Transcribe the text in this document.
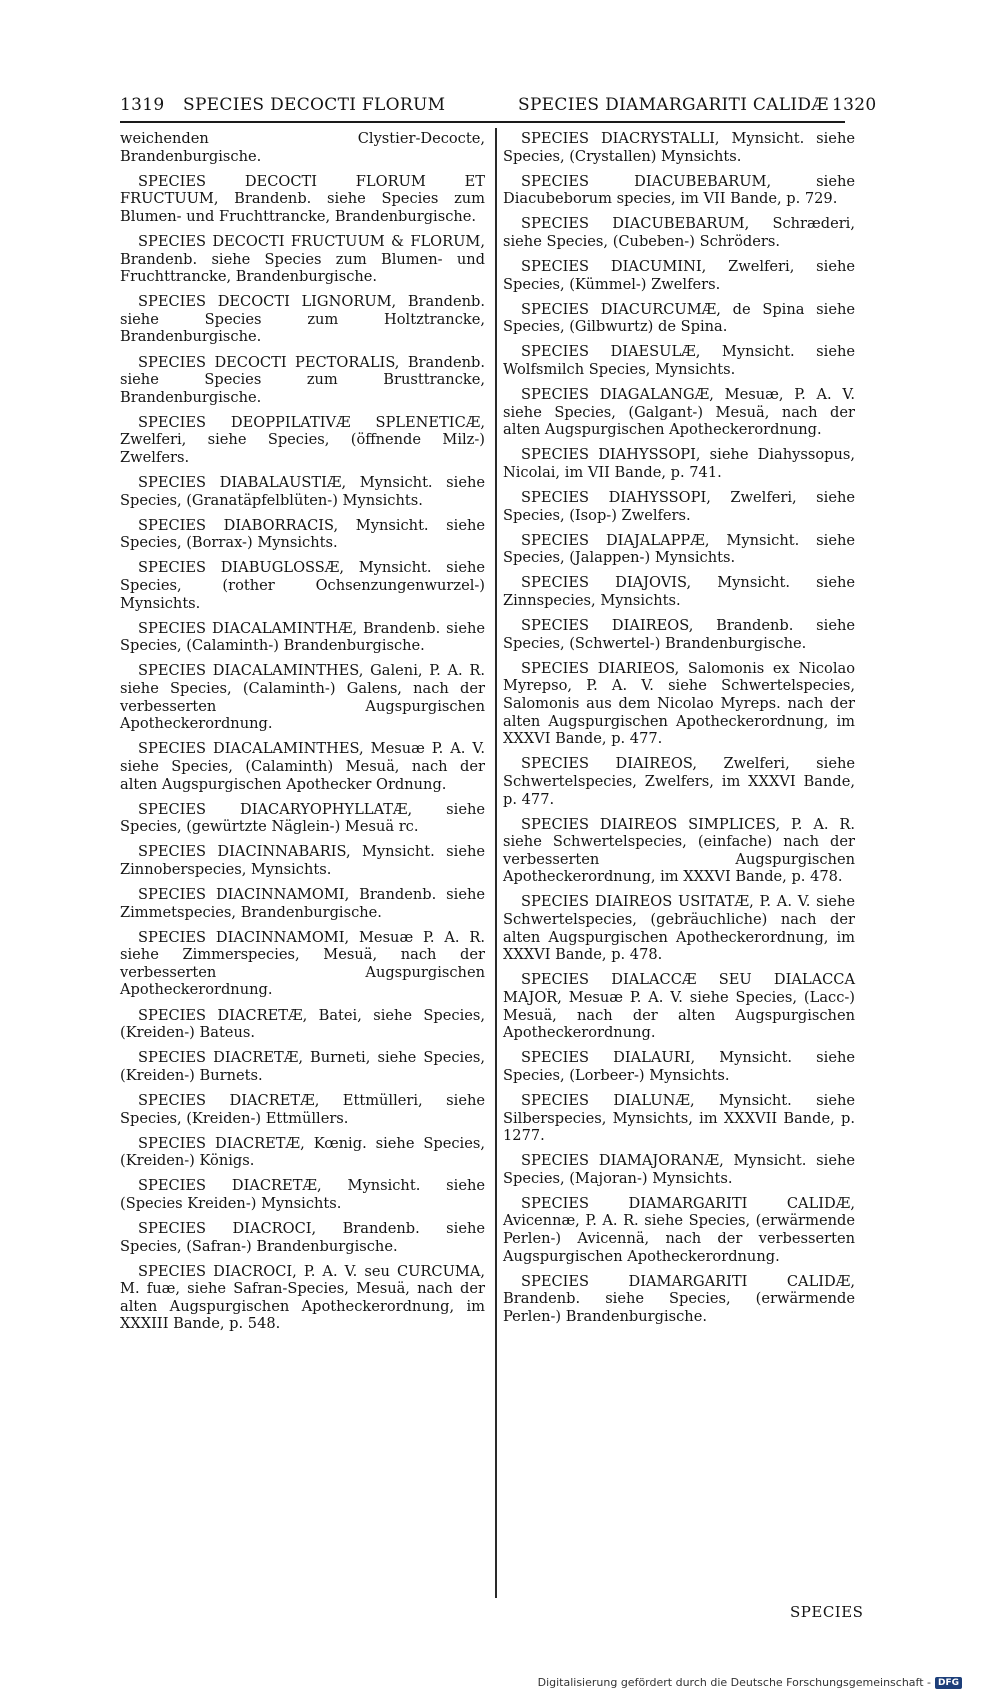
1319 SPECIES DECOCTI FLORUM	SPECIES DIAMARGARITI CALIDÆ 1320

weichenden Clystier-Decocte, Brandenburgische.

SPECIES DECOCTI FLORUM ET FRUCTUUM, Brandenb. siehe Species zum Blumen- und Fruchttrancke, Brandenburgische.

SPECIES DECOCTI FRUCTUUM & FLORUM, Brandenb. siehe Species zum Blumen- und Fruchttrancke, Brandenburgische.

SPECIES DECOCTI LIGNORUM, Brandenb. siehe Species zum Holtztrancke, Brandenburgische.

SPECIES DECOCTI PECTORALIS, Brandenb. siehe Species zum Brusttrancke, Brandenburgische.

SPECIES DEOPPILATIVÆ SPLENETICÆ, Zwelferi, siehe Species, (öffnende Milz-) Zwelfers.

SPECIES DIABALAUSTIÆ, Mynsicht. siehe Species, (Granatäpfelblüten-) Mynsichts.

SPECIES DIABORRACIS, Mynsicht. siehe Species, (Borrax-) Mynsichts.

SPECIES DIABUGLOSSÆ, Mynsicht. siehe Species, (rother Ochsenzungenwurzel-) Mynsichts.

SPECIES DIACALAMINTHÆ, Brandenb. siehe Species, (Calaminth-) Brandenburgische.

SPECIES DIACALAMINTHES, Galeni, P. A. R. siehe Species, (Calaminth-) Galens, nach der verbesserten Augspurgischen Apotheckerordnung.

SPECIES DIACALAMINTHES, Mesuæ P. A. V. siehe Species, (Calaminth) Mesuä, nach der alten Augspurgischen Apothecker Ordnung.

SPECIES DIACARYOPHYLLATÆ, siehe Species, (gewürtzte Näglein-) Mesuä rc.

SPECIES DIACINNABARIS, Mynsicht. siehe Zinnoberspecies, Mynsichts.

SPECIES DIACINNAMOMI, Brandenb. siehe Zimmetspecies, Brandenburgische.

SPECIES DIACINNAMOMI, Mesuæ P. A. R. siehe Zimmerspecies, Mesuä, nach der verbesserten Augspurgischen Apotheckerordnung.

SPECIES DIACRETÆ, Batei, siehe Species, (Kreiden-) Bateus.

SPECIES DIACRETÆ, Burneti, siehe Species, (Kreiden-) Burnets.

SPECIES DIACRETÆ, Ettmülleri, siehe Species, (Kreiden-) Ettmüllers.

SPECIES DIACRETÆ, Kœnig. siehe Species, (Kreiden-) Königs.

SPECIES DIACRETÆ, Mynsicht. siehe (Species Kreiden-) Mynsichts.

SPECIES DIACROCI, Brandenb. siehe Species, (Safran-) Brandenburgische.

SPECIES DIACROCI, P. A. V. seu CURCUMA, M. fuæ, siehe Safran-Species, Mesuä, nach der alten Augspurgischen Apotheckerordnung, im XXXIII Bande, p. 548.

SPECIES DIACRYSTALLI, Mynsicht. siehe Species, (Crystallen) Mynsichts.

SPECIES DIACUBEBARUM, siehe Diacubeborum species, im VII Bande, p. 729.

SPECIES DIACUBEBARUM, Schræderi, siehe Species, (Cubeben-) Schröders.

SPECIES DIACUMINI, Zwelferi, siehe Species, (Kümmel-) Zwelfers.

SPECIES DIACURCUMÆ, de Spina siehe Species, (Gilbwurtz) de Spina.

SPECIES DIAESULÆ, Mynsicht. siehe Wolfsmilch Species, Mynsichts.

SPECIES DIAGALANGÆ, Mesuæ, P. A. V. siehe Species, (Galgant-) Mesuä, nach der alten Augspurgischen Apotheckerordnung.

SPECIES DIAHYSSOPI, siehe Diahyssopus, Nicolai, im VII Bande, p. 741.

SPECIES DIAHYSSOPI, Zwelferi, siehe Species, (Isop-) Zwelfers.

SPECIES DIAJALAPPÆ, Mynsicht. siehe Species, (Jalappen-) Mynsichts.

SPECIES DIAJOVIS, Mynsicht. siehe Zinnspecies, Mynsichts.

SPECIES DIAIREOS, Brandenb. siehe Species, (Schwertel-) Brandenburgische.

SPECIES DIARIEOS, Salomonis ex Nicolao Myrepso, P. A. V. siehe Schwertelspecies, Salomonis aus dem Nicolao Myreps. nach der alten Augspurgischen Apotheckerordnung, im XXXVI Bande, p. 477.

SPECIES DIAIREOS, Zwelferi, siehe Schwertelspecies, Zwelfers, im XXXVI Bande, p. 477.

SPECIES DIAIREOS SIMPLICES, P. A. R. siehe Schwertelspecies, (einfache) nach der verbesserten Augspurgischen Apotheckerordnung, im XXXVI Bande, p. 478.

SPECIES DIAIREOS USITATÆ, P. A. V. siehe Schwertelspecies, (gebräuchliche) nach der alten Augspurgischen Apotheckerordnung, im XXXVI Bande, p. 478.

SPECIES DIALACCÆ SEU DIALACCA MAJOR, Mesuæ P. A. V. siehe Species, (Lacc-) Mesuä, nach der alten Augspurgischen Apotheckerordnung.

SPECIES DIALAURI, Mynsicht. siehe Species, (Lorbeer-) Mynsichts.

SPECIES DIALUNÆ, Mynsicht. siehe Silberspecies, Mynsichts, im XXXVII Bande, p. 1277.

SPECIES DIAMAJORANÆ, Mynsicht. siehe Species, (Majoran-) Mynsichts.

SPECIES DIAMARGARITI CALIDÆ, Avicennæ, P. A. R. siehe Species, (erwärmende Perlen-) Avicennä, nach der verbesserten Augspurgischen Apotheckerordnung.

SPECIES DIAMARGARITI CALIDÆ, Brandenb. siehe Species, (erwärmende Perlen-) Brandenburgische.

SPECIES
Digitalisierung gefördert durch die Deutsche Forschungsgemeinschaft - DFG
